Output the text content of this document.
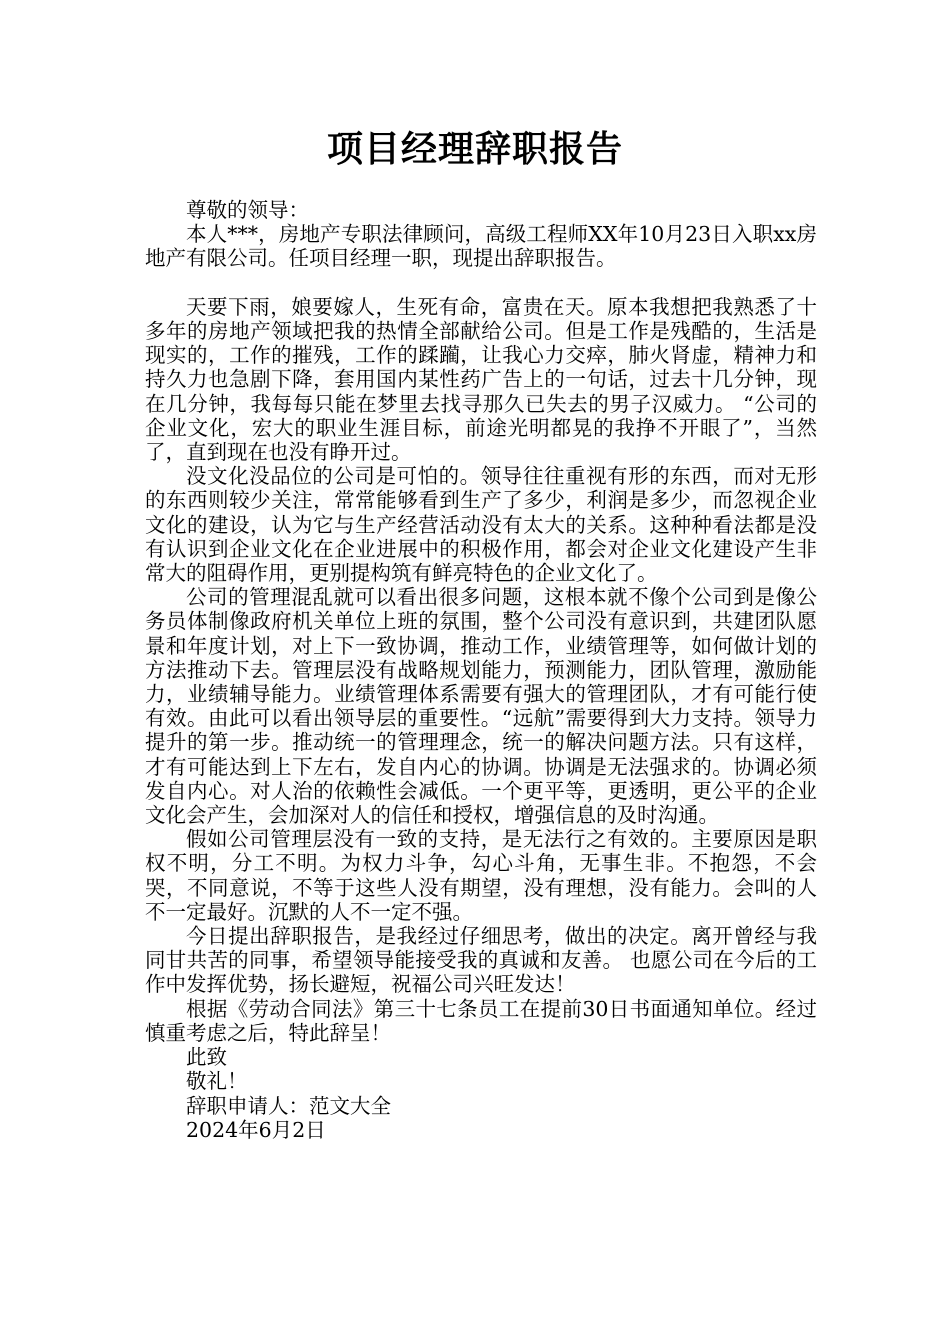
项目经理辞职报告

尊敬的领导：

本人***，房地产专职法律顾问，高级工程师XX年10月23日入职xx房地产有限公司。任项目经理一职，现提出辞职报告。

天要下雨，娘要嫁人，生死有命，富贵在天。原本我想把我熟悉了十多年的房地产领域把我的热情全部献给公司。但是工作是残酷的，生活是现实的，工作的摧残，工作的蹂躏，让我心力交瘁，肺火肾虚，精神力和持久力也急剧下降，套用国内某性药广告上的一句话，过去十几分钟，现在几分钟，我每每只能在梦里去找寻那久已失去的男子汉威力。 “公司的企业文化，宏大的职业生涯目标，前途光明都晃的我挣不开眼了”，当然了，直到现在也没有睁开过。

没文化没品位的公司是可怕的。领导往往重视有形的东西，而对无形的东西则较少关注，常常能够看到生产了多少，利润是多少，而忽视企业文化的建设，认为它与生产经营活动没有太大的关系。这种种看法都是没有认识到企业文化在企业进展中的积极作用，都会对企业文化建设产生非常大的阻碍作用，更别提构筑有鲜亮特色的企业文化了。

公司的管理混乱就可以看出很多问题，这根本就不像个公司到是像公务员体制像政府机关单位上班的氛围，整个公司没有意识到，共建团队愿景和年度计划，对上下一致协调，推动工作，业绩管理等，如何做计划的方法推动下去。管理层没有战略规划能力，预测能力，团队管理，激励能力，业绩辅导能力。业绩管理体系需要有强大的管理团队，才有可能行使有效。由此可以看出领导层的重要性。“远航”需要得到大力支持。领导力提升的第一步。推动统一的管理理念，统一的解决问题方法。只有这样，才有可能达到上下左右，发自内心的协调。协调是无法强求的。协调必须发自内心。对人治的依赖性会减低。一个更平等，更透明，更公平的企业文化会产生，会加深对人的信任和授权，增强信息的及时沟通。

假如公司管理层没有一致的支持，是无法行之有效的。主要原因是职权不明，分工不明。为权力斗争，勾心斗角，无事生非。不抱怨，不会哭，不同意说，不等于这些人没有期望，没有理想，没有能力。会叫的人不一定最好。沉默的人不一定不强。

今日提出辞职报告，是我经过仔细思考，做出的决定。离开曾经与我同甘共苦的同事，希望领导能接受我的真诚和友善。 也愿公司在今后的工作中发挥优势，扬长避短，祝福公司兴旺发达！

根据《劳动合同法》第三十七条员工在提前30日书面通知单位。经过慎重考虑之后，特此辞呈！

此致

敬礼！

辞职申请人：范文大全

2024年6月2日
